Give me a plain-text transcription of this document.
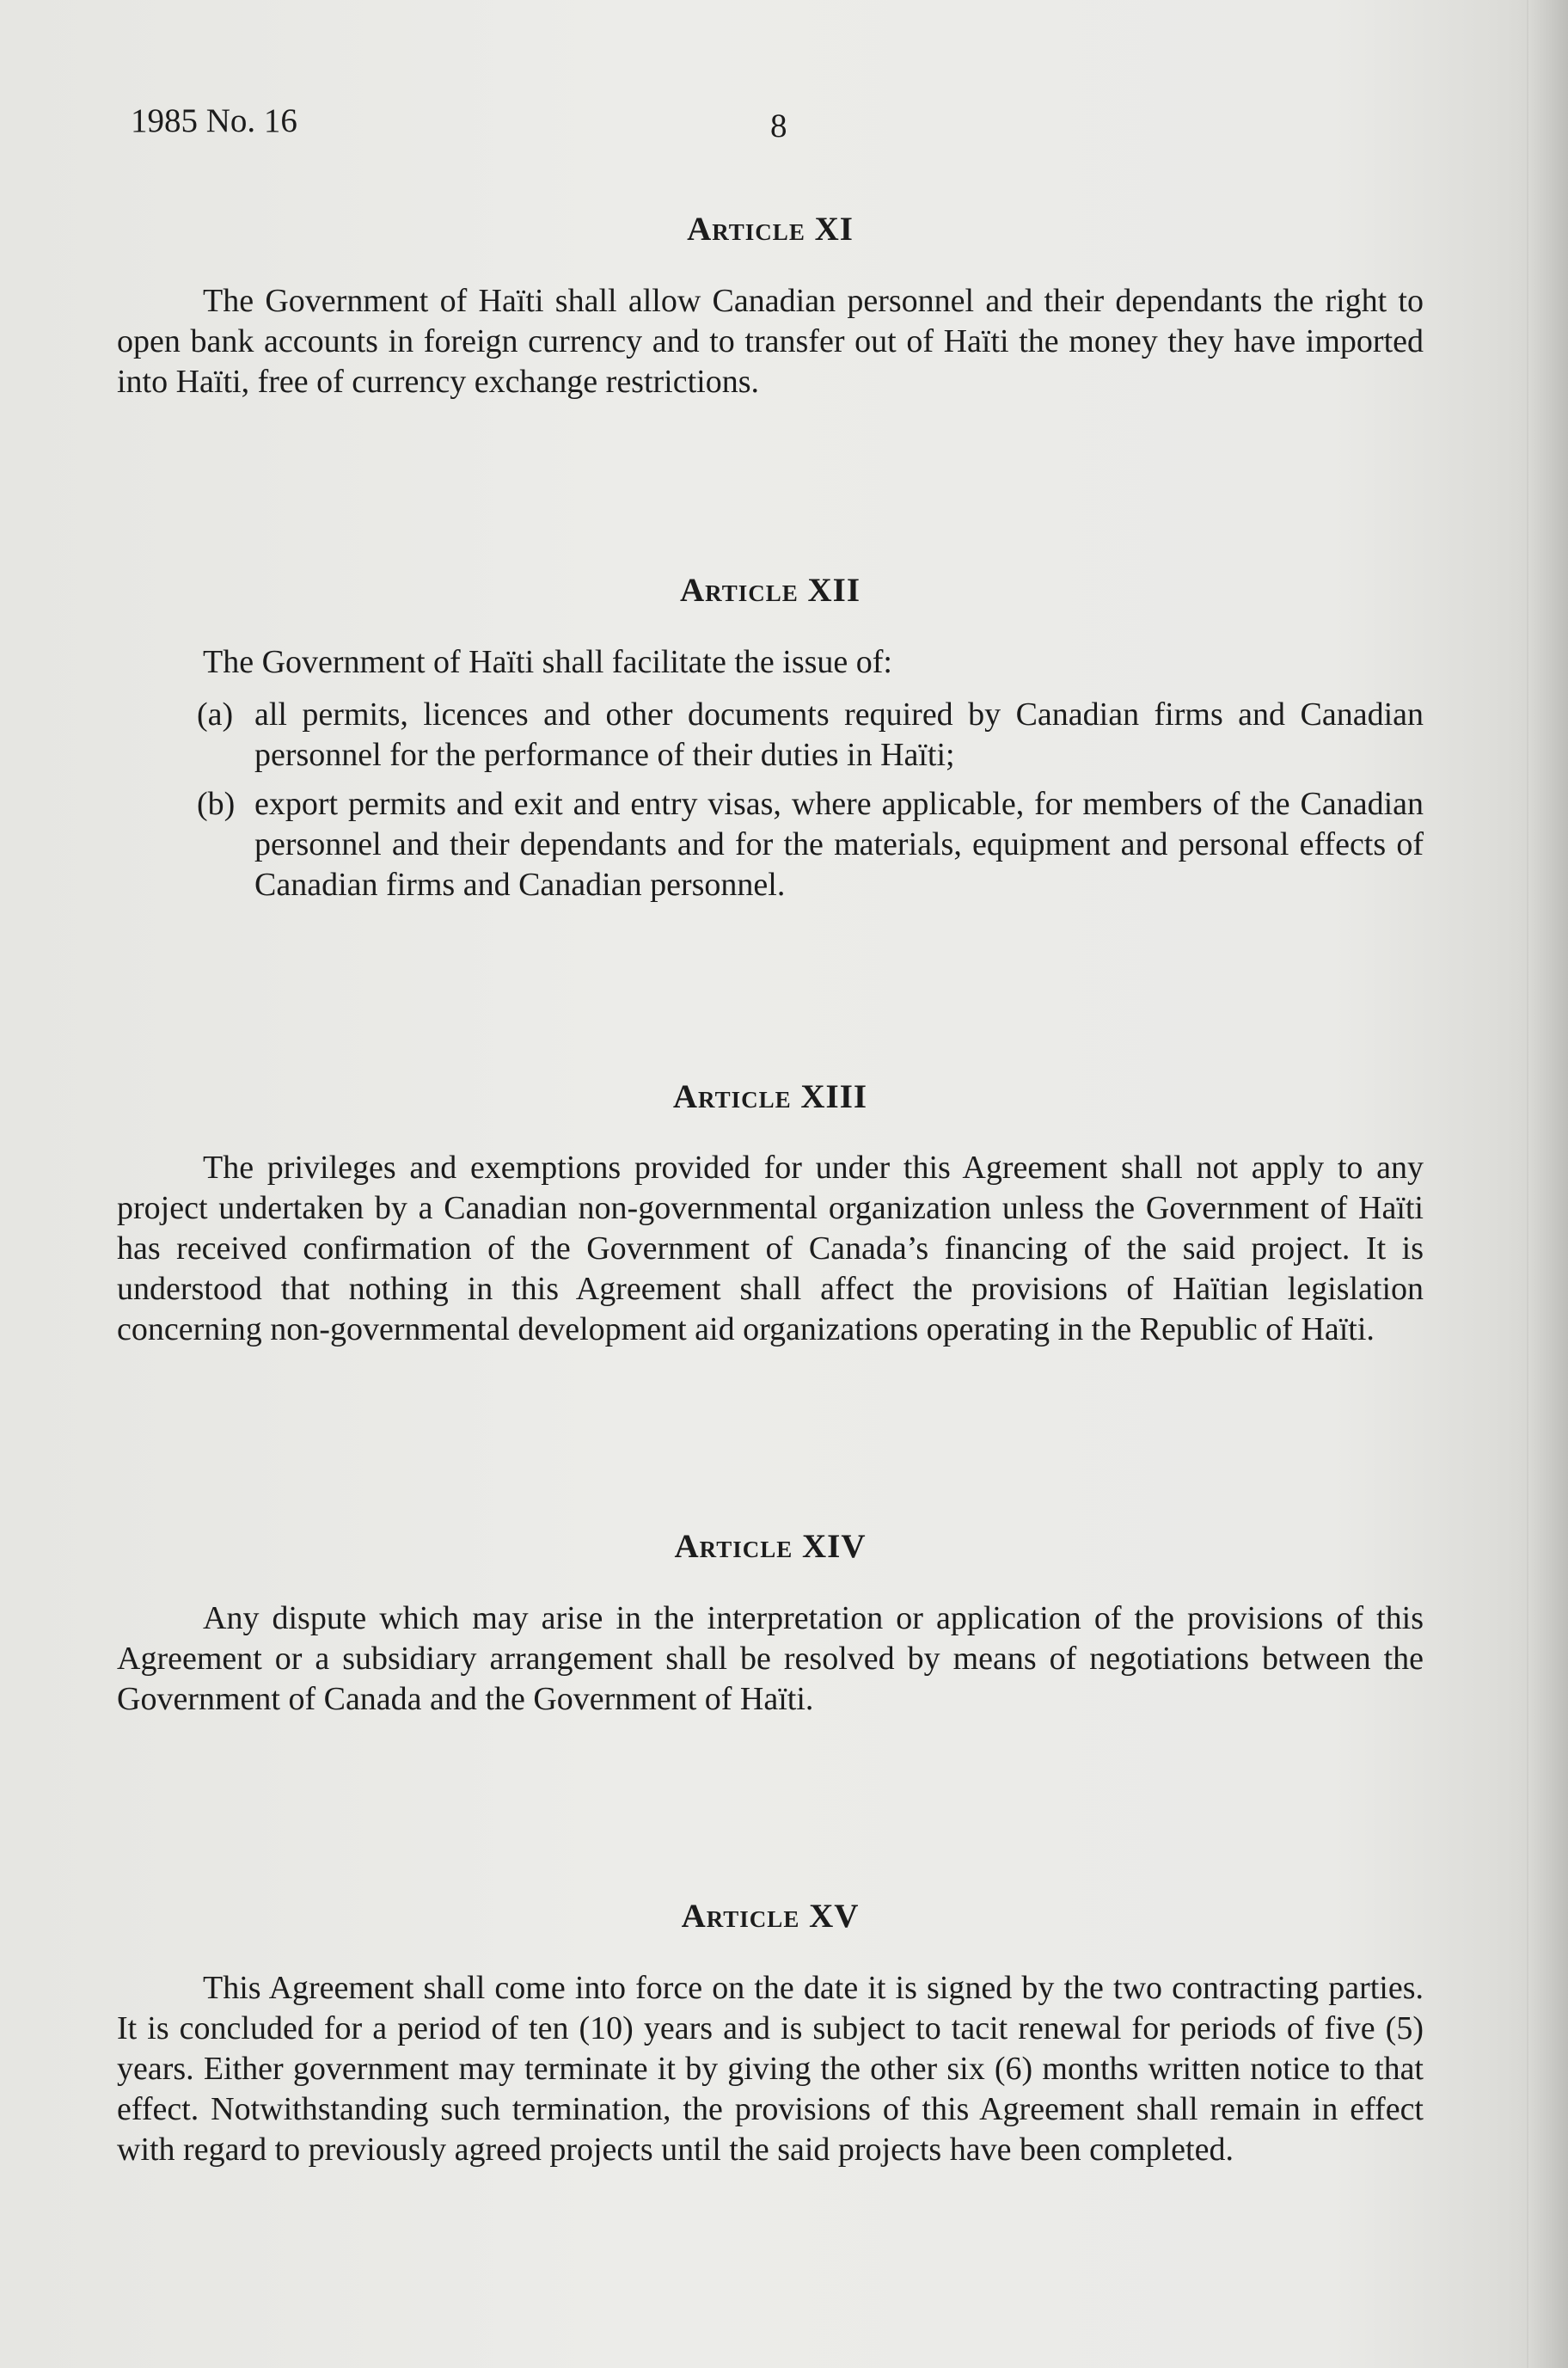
1985 No. 16	8
Article XI

The Government of Haïti shall allow Canadian personnel and their dependants the right to open bank accounts in foreign currency and to transfer out of Haïti the money they have imported into Haïti, free of currency exchange restrictions.

Article XII

The Government of Haïti shall facilitate the issue of:

(a) all permits, licences and other documents required by Canadian firms and Canadian personnel for the performance of their duties in Haïti;
(b) export permits and exit and entry visas, where applicable, for members of the Canadian personnel and their dependants and for the materials, equipment and personal effects of Canadian firms and Canadian personnel.
Article XIII

The privileges and exemptions provided for under this Agreement shall not apply to any project undertaken by a Canadian non-governmental organization unless the Government of Haïti has received confirmation of the Government of Canada’s financing of the said project. It is understood that nothing in this Agreement shall affect the provisions of Haïtian legislation concerning non-governmental development aid organizations operating in the Republic of Haïti.

Article XIV

Any dispute which may arise in the interpretation or application of the provisions of this Agreement or a subsidiary arrangement shall be resolved by means of negotiations between the Government of Canada and the Government of Haïti.

Article XV

This Agreement shall come into force on the date it is signed by the two contracting parties. It is concluded for a period of ten (10) years and is subject to tacit renewal for periods of five (5) years. Either government may terminate it by giving the other six (6) months written notice to that effect. Notwithstanding such termination, the provisions of this Agreement shall remain in effect with regard to previously agreed projects until the said projects have been completed.
